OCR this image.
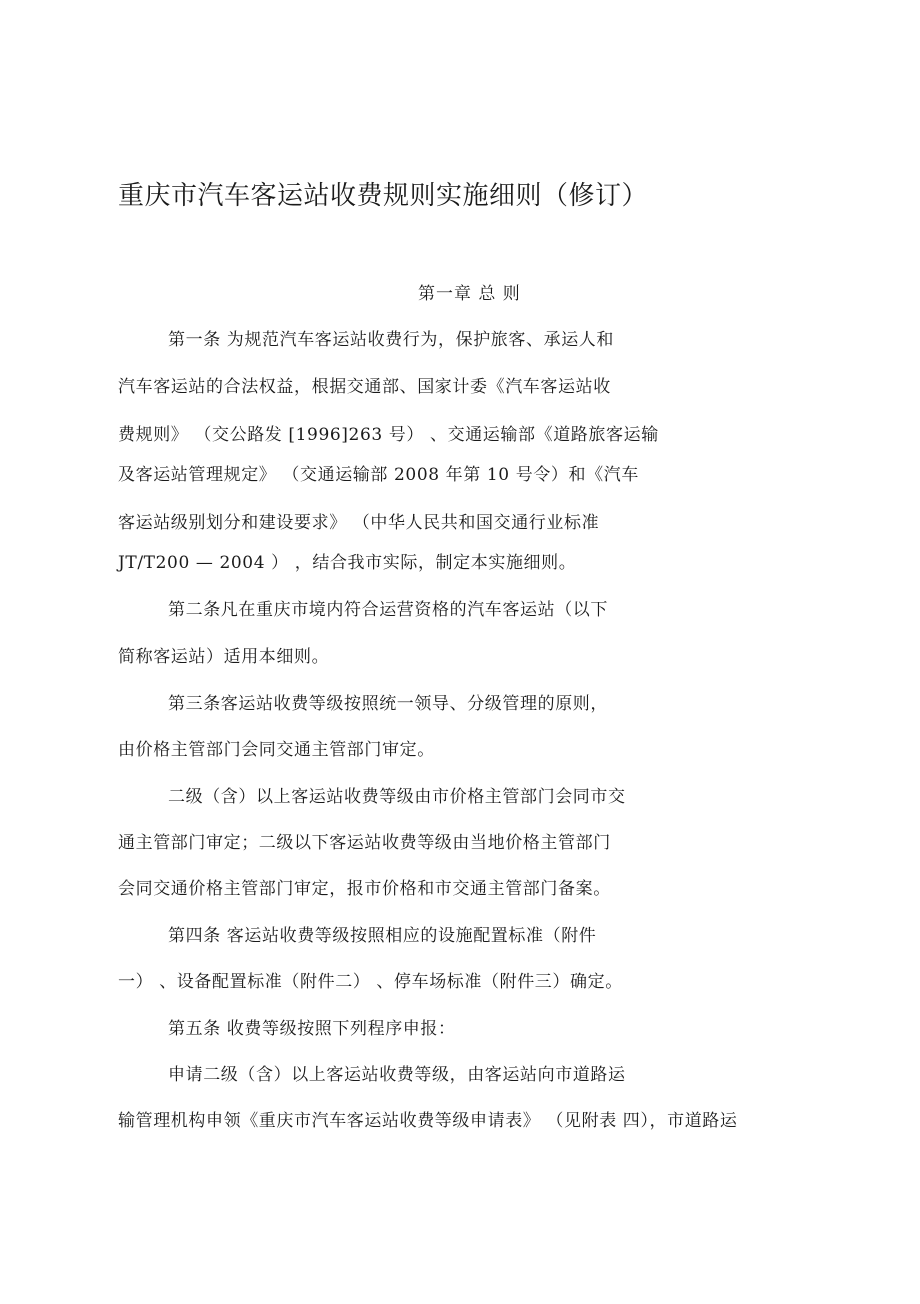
重庆市汽车客运站收费规则实施细则（修订）
第一章 总 则
第一条 为规范汽车客运站收费行为，保护旅客、承运人和
汽车客运站的合法权益，根据交通部、国家计委《汽车客运站收
费规则》 （交公路发 [1996]263 号） 、交通运输部《道路旅客运输
及客运站管理规定》 （交通运输部 2008 年第 10 号令）和《汽车
客运站级别划分和建设要求》 （中华人民共和国交通行业标准
JT/T200 — 2004 ） ，结合我市实际，制定本实施细则。
第二条凡在重庆市境内符合运营资格的汽车客运站（以下
简称客运站）适用本细则。
第三条客运站收费等级按照统一领导、分级管理的原则，
由价格主管部门会同交通主管部门审定。
二级（含）以上客运站收费等级由市价格主管部门会同市交
通主管部门审定；二级以下客运站收费等级由当地价格主管部门
会同交通价格主管部门审定，报市价格和市交通主管部门备案。
第四条 客运站收费等级按照相应的设施配置标准（附件
一） 、设备配置标准（附件二） 、停车场标准（附件三）确定。
第五条 收费等级按照下列程序申报：
申请二级（含）以上客运站收费等级，由客运站向市道路运
输管理机构申领《重庆市汽车客运站收费等级申请表》 （见附表 四），市道路运
